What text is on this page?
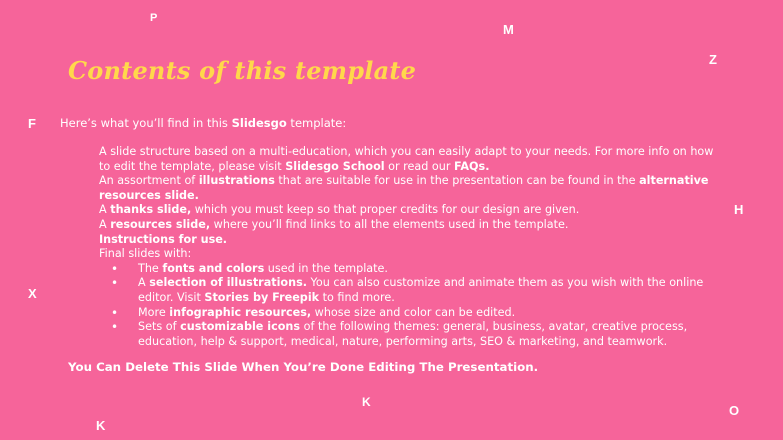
P
M
Z
F
H
X
K
O
K
Contents of this template
Here’s what you’ll find in this Slidesgo template:

A slide structure based on a multi-education, which you can easily adapt to your needs. For more info on how to edit the template, please visit Slidesgo School or read our FAQs.

An assortment of illustrations that are suitable for use in the presentation can be found in the alternative resources slide.

A thanks slide, which you must keep so that proper credits for our design are given.

A resources slide, where you’ll find links to all the elements used in the template.

Instructions for use.

Final slides with:

• The fonts and colors used in the template.
• A selection of illustrations. You can also customize and animate them as you wish with the online editor. Visit Stories by Freepik to find more.
• More infographic resources, whose size and color can be edited.
• Sets of customizable icons of the following themes: general, business, avatar, creative process, education, help & support, medical, nature, performing arts, SEO & marketing, and teamwork.
You Can Delete This Slide When You’re Done Editing The Presentation.
